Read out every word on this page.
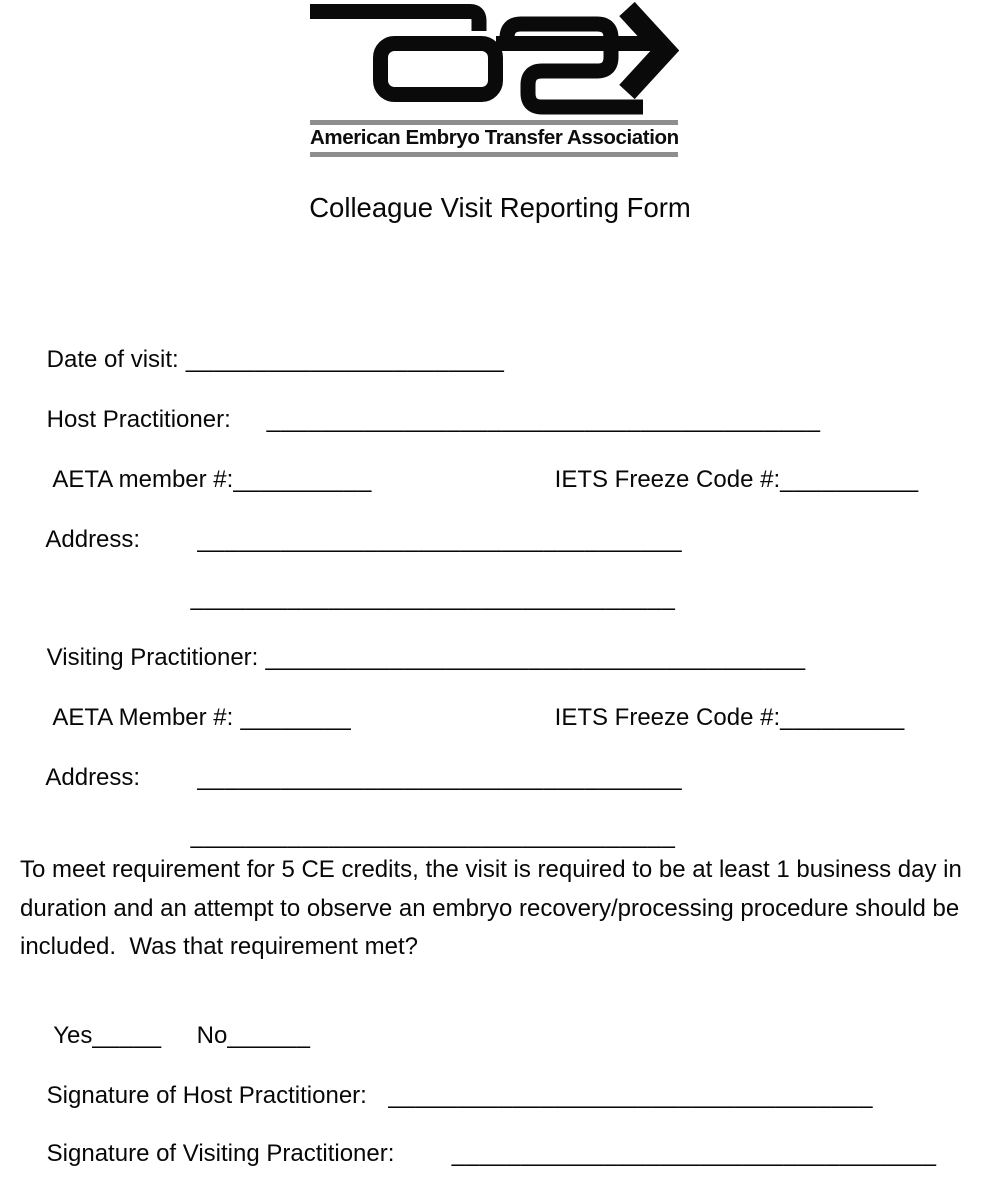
American Embryo Transfer Association
Colleague Visit Reporting Form

Date of visit: _______________________

Host Practitioner:     ________________________________________

AETA member #:__________
	IETS Freeze Code #:__________

Address:        ___________________________________

___________________________________

Visiting Practitioner: _______________________________________

AETA Member #: ________
	IETS Freeze Code #:_________

Address:        ___________________________________

___________________________________

To meet requirement for 5 CE credits, the visit is required to be at least 1 business day in duration and an attempt to observe an embryo recovery/processing procedure should be included.  Was that requirement met?

Yes_____ No______

Signature of Host Practitioner:   ___________________________________

Signature of Visiting Practitioner:        ___________________________________
